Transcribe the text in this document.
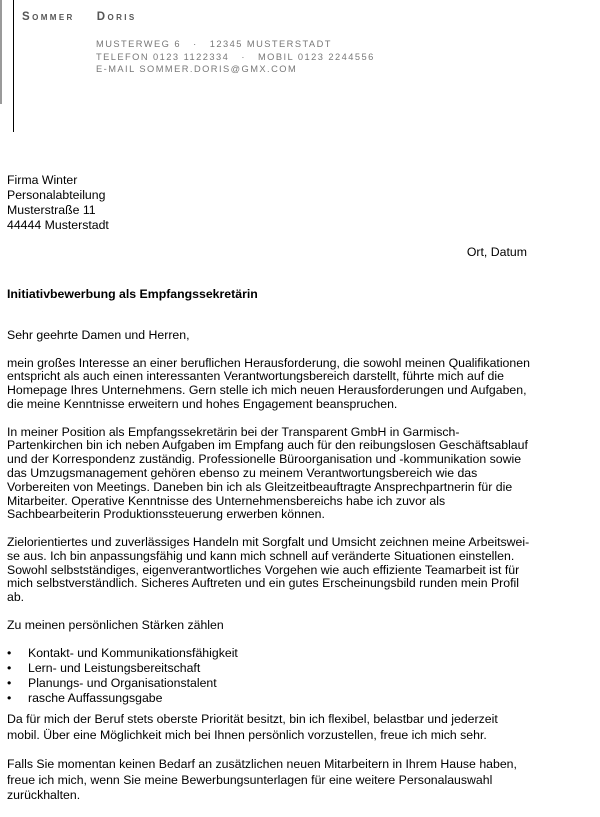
Sommer Doris
MUSTERWEG 6   ·   12345 MUSTERSTADT
TELEFON 0123 1122334   ·   MOBIL 0123 2244556
E-MAIL SOMMER.DORIS@GMX.COM
Firma Winter
Personalabteilung
Musterstraße 11
44444 Musterstadt
Ort, Datum
Initiativbewerbung als Empfangssekretärin

Sehr geehrte Damen und Herren,

mein großes Interesse an einer beruflichen Herausforderung, die sowohl meinen Qualifikationen entspricht als auch einen interessanten Verantwortungsbereich darstellt, führte mich auf die Homepage Ihres Unternehmens. Gern stelle ich mich neuen Herausforderungen und Aufgaben, die meine Kenntnisse erweitern und hohes Engagement beanspruchen.

In meiner Position als Empfangssekretärin bei der Transparent GmbH in Garmisch-Partenkirchen bin ich neben Aufgaben im Empfang auch für den reibungslosen Geschäftsablauf und der Korrespondenz zuständig. Professionelle Büroorganisation und -kommunikation sowie das Umzugsmanagement gehören ebenso zu meinem Verantwortungsbereich wie das Vorbereiten von Meetings. Daneben bin ich als Gleitzeitbeauftragte Ansprechpartnerin für die Mitarbeiter. Operative Kenntnisse des Unternehmensbereichs habe ich zuvor als Sachbearbeiterin Produktionssteuerung erwerben können.

Zielorientiertes und zuverlässiges Handeln mit Sorgfalt und Umsicht zeichnen meine Arbeitswei-se aus. Ich bin anpassungsfähig und kann mich schnell auf veränderte Situationen einstellen. Sowohl selbstständiges, eigenverantwortliches Vorgehen wie auch effiziente Teamarbeit ist für mich selbstverständlich. Sicheres Auftreten und ein gutes Erscheinungsbild runden mein Profil ab.

Zu meinen persönlichen Stärken zählen

• Kontakt- und Kommunikationsfähigkeit
• Lern- und Leistungsbereitschaft
• Planungs- und Organisationstalent
• rasche Auffassungsgabe

Da für mich der Beruf stets oberste Priorität besitzt, bin ich flexibel, belastbar und jederzeit mobil. Über eine Möglichkeit mich bei Ihnen persönlich vorzustellen, freue ich mich sehr.

Falls Sie momentan keinen Bedarf an zusätzlichen neuen Mitarbeitern in Ihrem Hause haben, freue ich mich, wenn Sie meine Bewerbungsunterlagen für eine weitere Personalauswahl zurückhalten.
